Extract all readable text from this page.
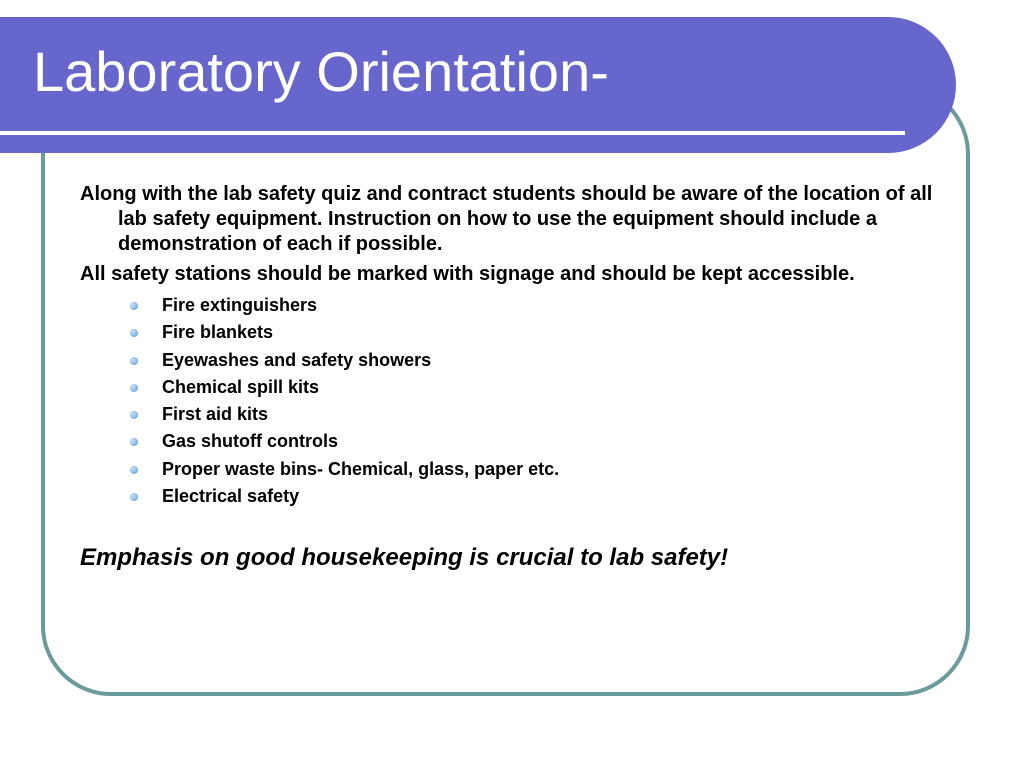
Laboratory Orientation-

Along with the lab safety quiz and contract students should be aware of the location of all lab safety equipment. Instruction on how to use the equipment should include a demonstration of each if possible.

All safety stations should be marked with signage and should be kept accessible.

Fire extinguishers
Fire blankets
Eyewashes and safety showers
Chemical spill kits
First aid kits
Gas shutoff controls
Proper waste bins- Chemical, glass, paper etc.
Electrical safety

Emphasis on good housekeeping is crucial to lab safety!
